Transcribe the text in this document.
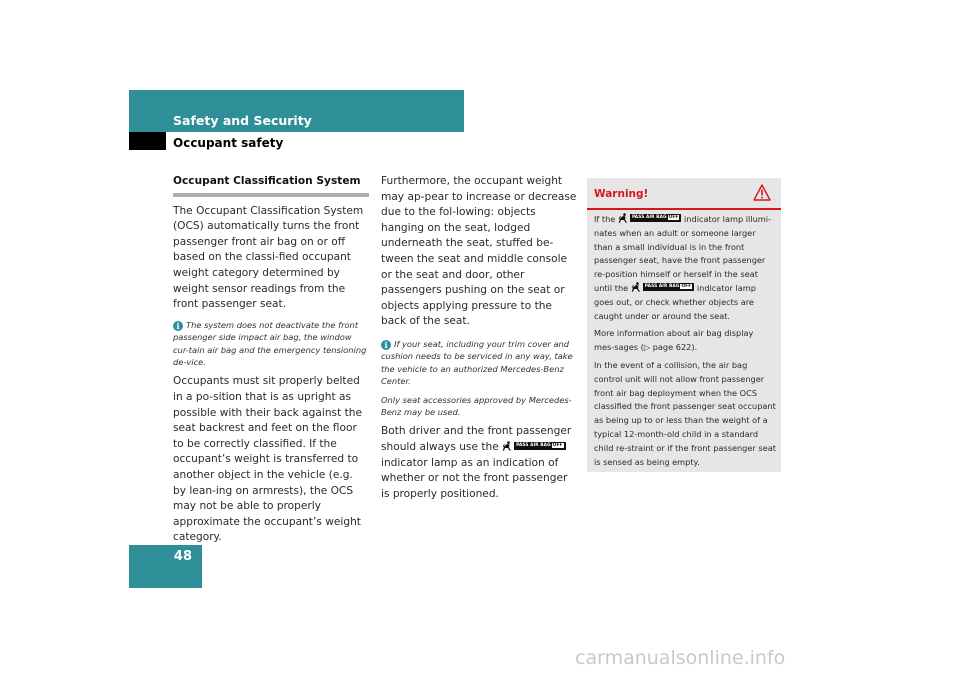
Safety and Security
Occupant safety
Occupant Classification System

The Occupant Classification System (OCS) automatically turns the front passenger front air bag on or off based on the classi-fied occupant weight category determined by weight sensor readings from the front passenger seat.

i The system does not deactivate the front passenger side impact air bag, the window cur-tain air bag and the emergency tensioning de-vice.

Occupants must sit properly belted in a po-sition that is as upright as possible with their back against the seat backrest and feet on the floor to be correctly classified. If the occupant’s weight is transferred to another object in the vehicle (e.g. by lean-ing on armrests), the OCS may not be able to properly approximate the occupant’s weight category.

Furthermore, the occupant weight may ap-pear to increase or decrease due to the fol-lowing: objects hanging on the seat, lodged underneath the seat, stuffed be-tween the seat and middle console or the seat and door, other passengers pushing on the seat or objects applying pressure to the back of the seat.

i If your seat, including your trim cover and cushion needs to be serviced in any way, take the vehicle to an authorized Mercedes-Benz Center.

Only seat accessories approved by Mercedes-Benz may be used.

Both driver and the front passenger should always use the	PASS AIR BAG OFF
indicator lamp as an indication of whether or not the front passenger is properly positioned.

Warning!

If the	PASS AIR BAG OFF indicator lamp illumi-nates when an adult or someone larger than a small individual is in the front passenger seat, have the front passenger re-position himself or herself in the seat until the	PASS AIR BAG OFF indicator lamp goes out, or check whether objects are caught under or around the seat.

More information about air bag display mes-sages (▷ page 622).

In the event of a collision, the air bag control unit will not allow front passenger front air bag deployment when the OCS classified the front passenger seat occupant as being up to or less than the weight of a typical 12-month-old child in a standard child re-straint or if the front passenger seat is sensed as being empty.

48
carmanualsonline.info
